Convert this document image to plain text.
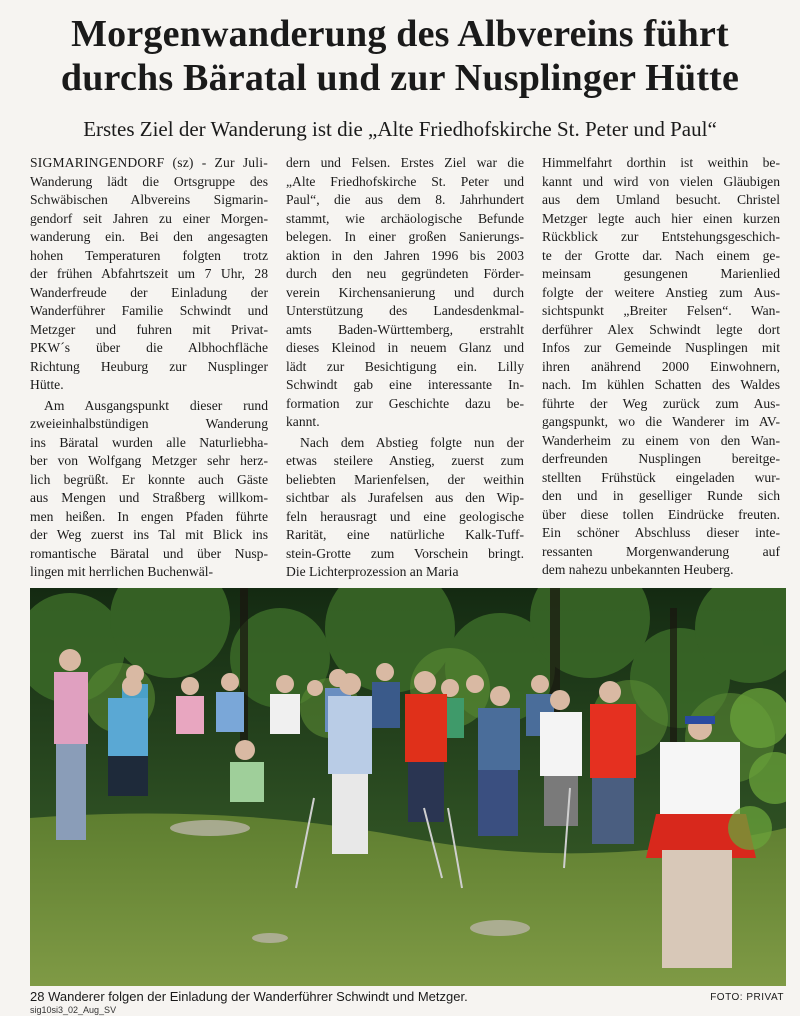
Morgenwanderung des Albvereins führt
durchs Bäratal und zur Nusplinger Hütte
Erstes Ziel der Wanderung ist die „Alte Friedhofskirche St. Peter und Paul“
SIGMARINGENDORF (sz) - Zur Juli-
Wanderung lädt die Ortsgruppe des
Schwäbischen Albvereins Sigmarin-
gendorf seit Jahren zu einer Morgen-
wanderung ein. Bei den angesagten
hohen Temperaturen folgten trotz
der frühen Abfahrtszeit um 7 Uhr, 28
Wanderfreude der Einladung der
Wanderführer Familie Schwindt und
Metzger und fuhren mit Privat-
PKW´s über die Albhochfläche
Richtung Heuburg zur Nusplinger
Hütte.
Am Ausgangspunkt dieser rund
zweieinhalbstündigen Wanderung
ins Bäratal wurden alle Naturliebha-
ber von Wolfgang Metzger sehr herz-
lich begrüßt. Er konnte auch Gäste
aus Mengen und Straßberg willkom-
men heißen. In engen Pfaden führte
der Weg zuerst ins Tal mit Blick ins
romantische Bäratal und über Nusp-
lingen mit herrlichen Buchenwäl-
dern und Felsen. Erstes Ziel war die
„Alte Friedhofskirche St. Peter und
Paul“, die aus dem 8. Jahrhundert
stammt, wie archäologische Befunde
belegen. In einer großen Sanierungs-
aktion in den Jahren 1996 bis 2003
durch den neu gegründeten Förder-
verein Kirchensanierung und durch
Unterstützung des Landesdenkmal-
amts Baden-Württemberg, erstrahlt
dieses Kleinod in neuem Glanz und
lädt zur Besichtigung ein. Lilly
Schwindt gab eine interessante In-
formation zur Geschichte dazu be-
kannt.
Nach dem Abstieg folgte nun der
etwas steilere Anstieg, zuerst zum
beliebten Marienfelsen, der weithin
sichtbar als Jurafelsen aus den Wip-
feln herausragt und eine geologische
Rarität, eine natürliche Kalk-Tuff-
stein-Grotte zum Vorschein bringt.
Die Lichterprozession an Maria
Himmelfahrt dorthin ist weithin be-
kannt und wird von vielen Gläubigen
aus dem Umland besucht. Christel
Metzger legte auch hier einen kurzen
Rückblick zur Entstehungsgeschich-
te der Grotte dar. Nach einem ge-
meinsam gesungenen Marienlied
folgte der weitere Anstieg zum Aus-
sichtspunkt „Breiter Felsen“. Wan-
derführer Alex Schwindt legte dort
Infos zur Gemeinde Nusplingen mit
ihren anährend 2000 Einwohnern,
nach. Im kühlen Schatten des Waldes
führte der Weg zurück zum Aus-
gangspunkt, wo die Wanderer im AV-
Wanderheim zu einem von den Wan-
derfreunden Nusplingen bereitge-
stellten Frühstück eingeladen wur-
den und in geselliger Runde sich
über diese tollen Eindrücke freuten.
Ein schöner Abschluss dieser inte-
ressanten Morgenwanderung auf
dem nahezu unbekannten Heuberg.
28 Wanderer folgen der Einladung der Wanderführer Schwindt und Metzger.	FOTO: PRIVAT
sig10si3_02_Aug_SV
